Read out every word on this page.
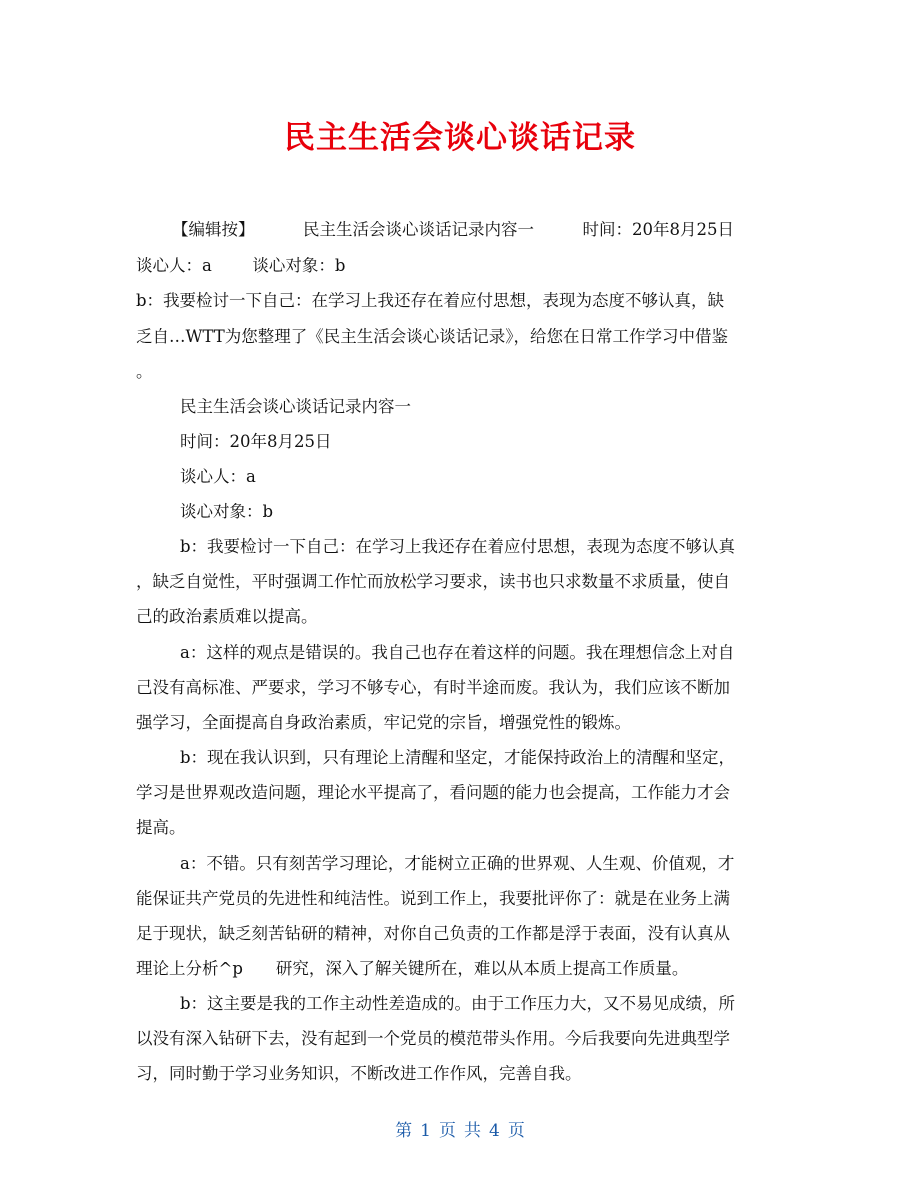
民主生活会谈心谈话记录
【编辑按】	民主生活会谈心谈话记录内容一	时间：20年8月25日
谈心人：a 谈心对象：b
b：我要检讨一下自己：在学习上我还存在着应付思想，表现为态度不够认真，缺
乏自…WTT为您整理了《民主生活会谈心谈话记录》，给您在日常工作学习中借鉴
。
民主生活会谈心谈话记录内容一
时间：20年8月25日
谈心人：a
谈心对象：b
b：我要检讨一下自己：在学习上我还存在着应付思想，表现为态度不够认真
，缺乏自觉性，平时强调工作忙而放松学习要求，读书也只求数量不求质量，使自
己的政治素质难以提高。
a：这样的观点是错误的。我自己也存在着这样的问题。我在理想信念上对自
己没有高标准、严要求，学习不够专心，有时半途而废。我认为，我们应该不断加
强学习，全面提高自身政治素质，牢记党的宗旨，增强党性的锻炼。
b：现在我认识到，只有理论上清醒和坚定，才能保持政治上的清醒和坚定，
学习是世界观改造问题，理论水平提高了，看问题的能力也会提高，工作能力才会
提高。
a：不错。只有刻苦学习理论，才能树立正确的世界观、人生观、价值观，才
能保证共产党员的先进性和纯洁性。说到工作上，我要批评你了：就是在业务上满
足于现状，缺乏刻苦钻研的精神，对你自己负责的工作都是浮于表面，没有认真从
理论上分析^p　　研究，深入了解关键所在，难以从本质上提高工作质量。
b：这主要是我的工作主动性差造成的。由于工作压力大，又不易见成绩，所
以没有深入钻研下去，没有起到一个党员的模范带头作用。今后我要向先进典型学
习，同时勤于学习业务知识，不断改进工作作风，完善自我。
第 1 页 共 4 页
